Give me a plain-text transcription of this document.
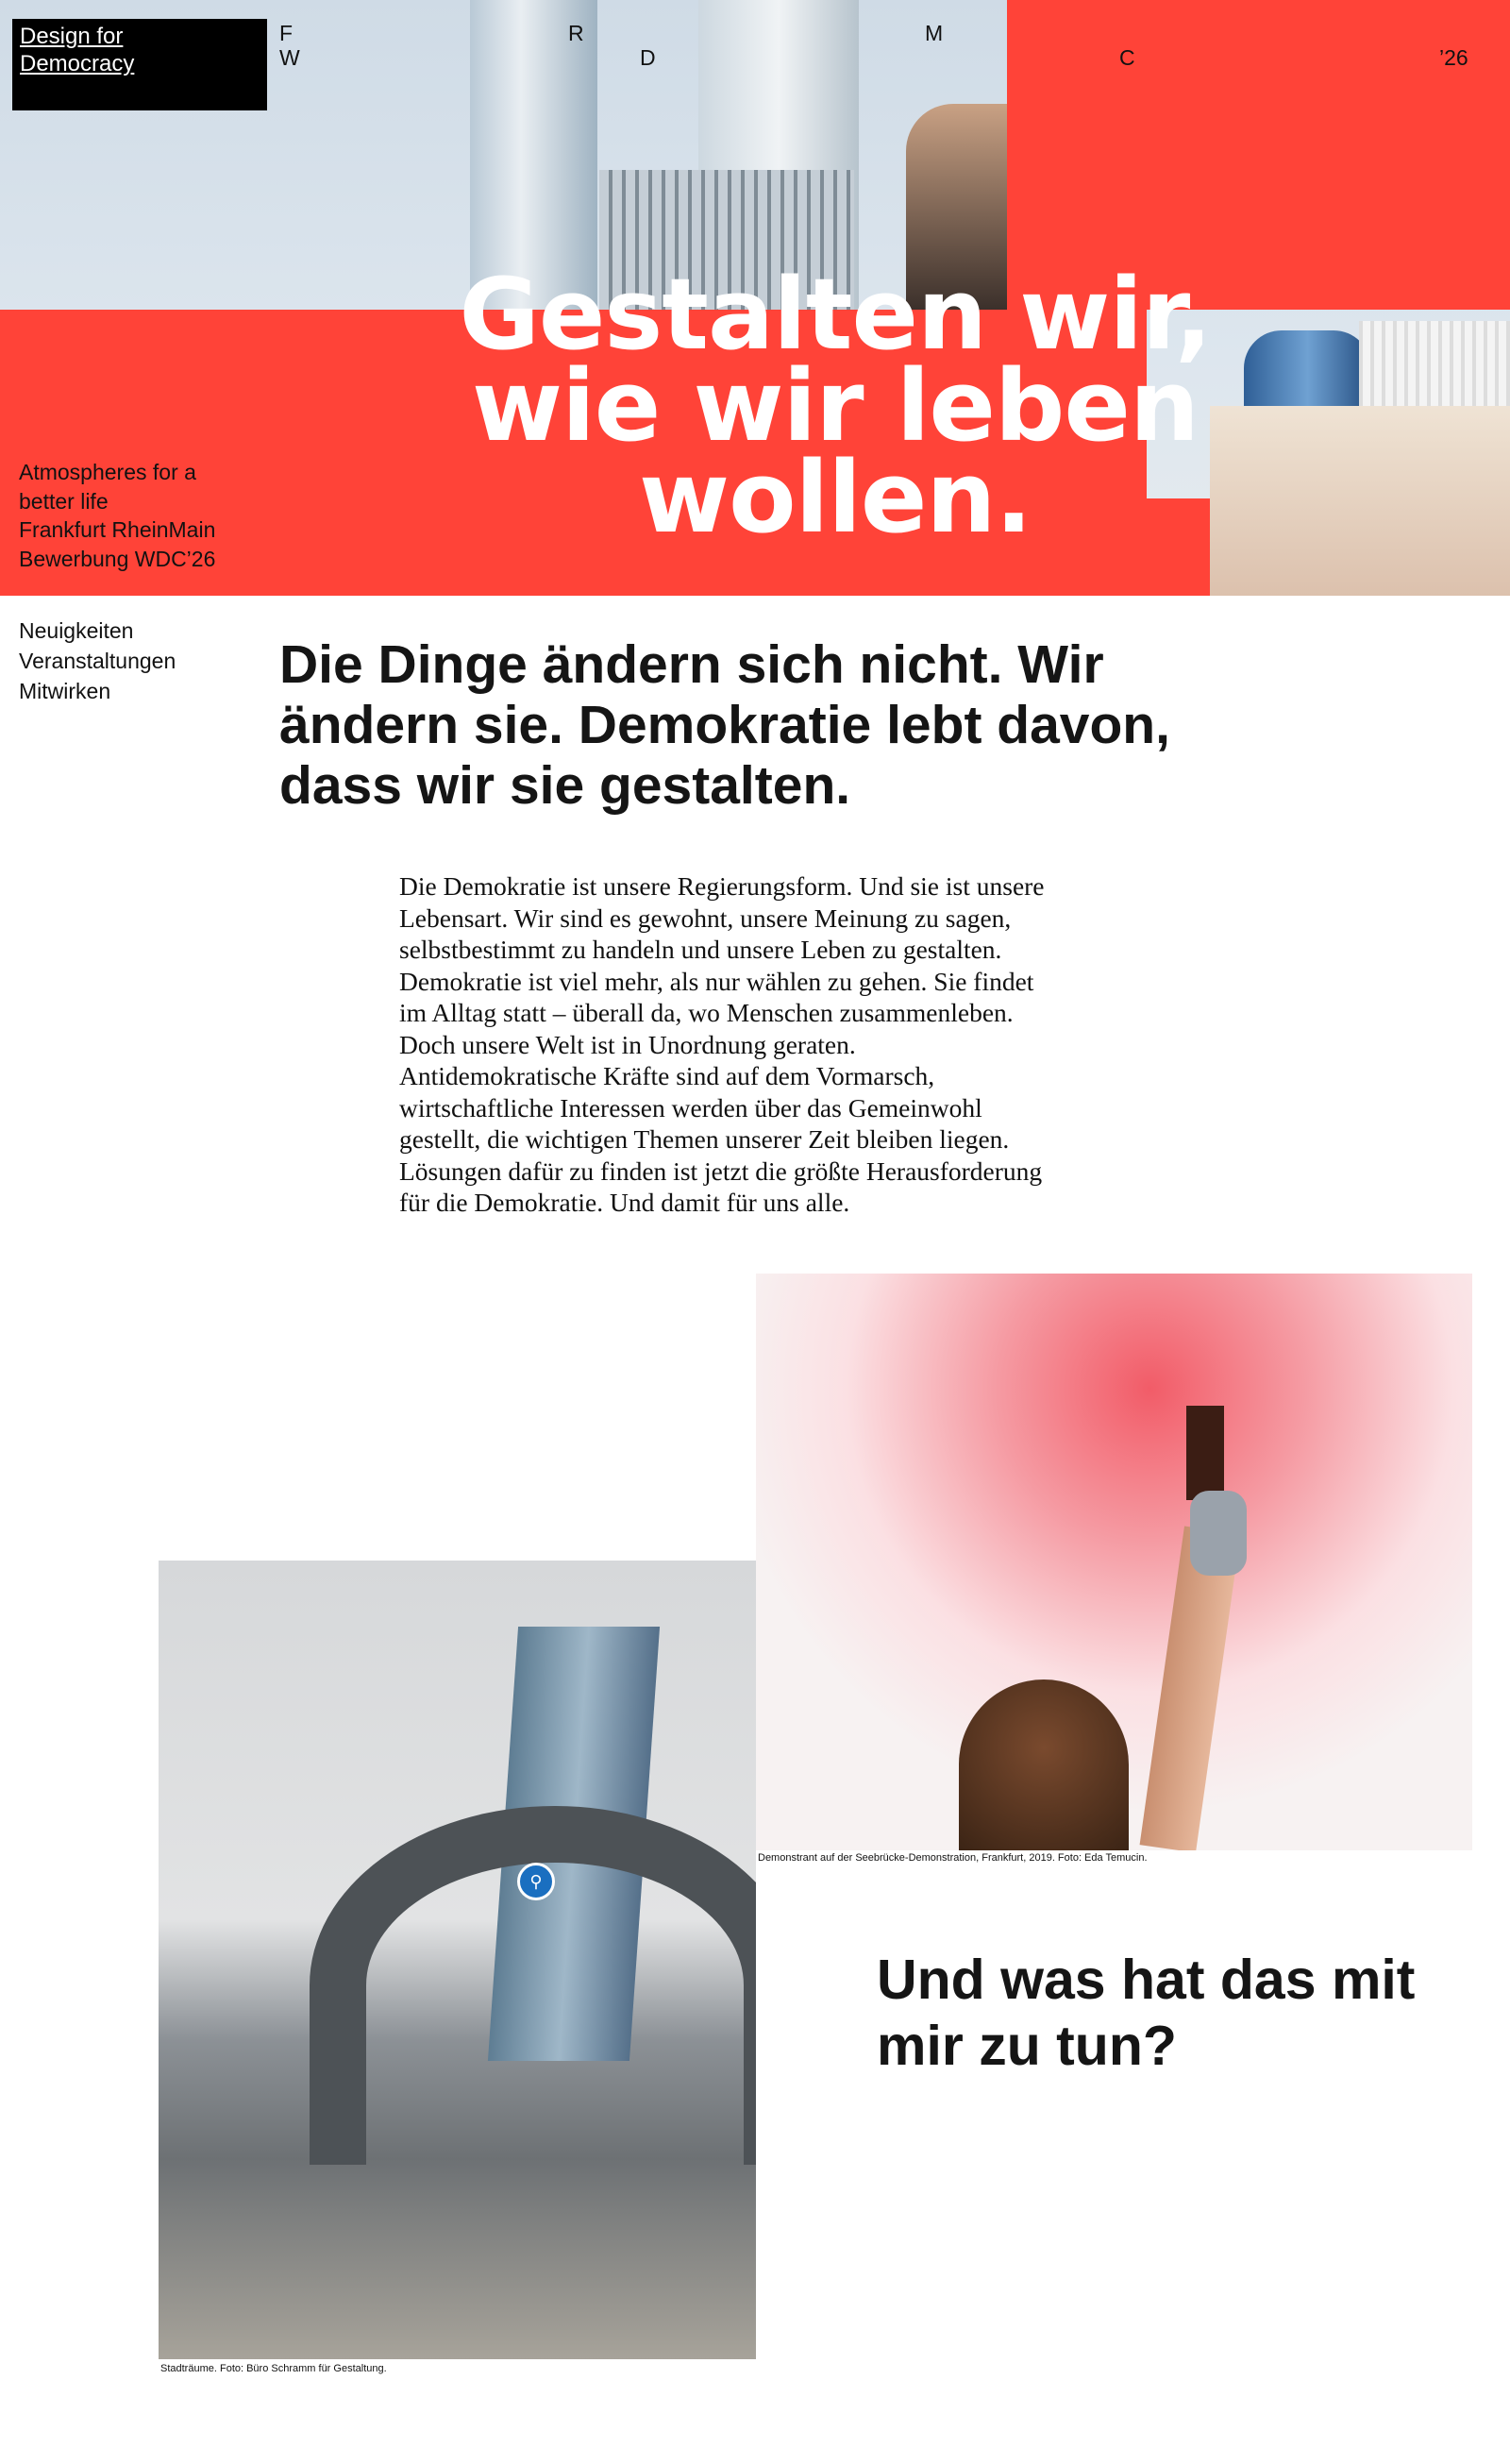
Design for
Democracy
F
W
R
D
M
C	’26
Gestalten wir,
wie wir leben
wollen.
Atmospheres for a
better life
Frankfurt RheinMain
Bewerbung WDC’26
Neuigkeiten
Veranstaltungen
Mitwirken	Die Dinge ändern sich nicht. Wir
ändern sie. Demokratie lebt davon,
dass wir sie gestalten.
Die Demokratie ist unsere Regierungsform. Und sie ist unsere
Lebensart. Wir sind es gewohnt, unsere Meinung zu sagen,
selbstbestimmt zu handeln und unsere Leben zu gestalten.
Demokratie ist viel mehr, als nur wählen zu gehen. Sie findet
im Alltag statt – überall da, wo Menschen zusammenleben.
Doch unsere Welt ist in Unordnung geraten.
Antidemokratische Kräfte sind auf dem Vormarsch,
wirtschaftliche Interessen werden über das Gemeinwohl
gestellt, die wichtigen Themen unserer Zeit bleiben liegen.
Lösungen dafür zu finden ist jetzt die größte Herausforderung
für die Demokratie. Und damit für uns alle.
Demonstrant auf der Seebrücke-Demonstration, Frankfurt, 2019. Foto: Eda Temucin.
⚲
Stadträume. Foto: Büro Schramm für Gestaltung.
Und was hat das mit
mir zu tun?
